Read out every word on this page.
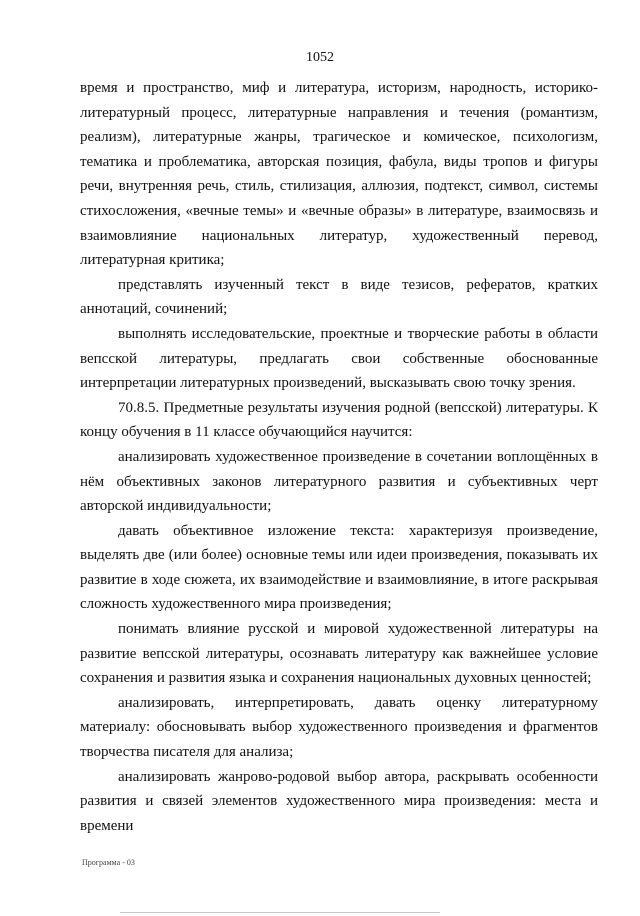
1052

время и пространство, миф и литература, историзм, народность, историко-литературный процесс, литературные направления и течения (романтизм, реализм), литературные жанры, трагическое и комическое, психологизм, тематика и проблематика, авторская позиция, фабула, виды тропов и фигуры речи, внутренняя речь, стиль, стилизация, аллюзия, подтекст, символ, системы стихосложения, «вечные темы» и «вечные образы» в литературе, взаимосвязь и взаимовлияние национальных литератур, художественный перевод, литературная критика;

представлять изученный текст в виде тезисов, рефератов, кратких аннотаций, сочинений;

выполнять исследовательские, проектные и творческие работы в области вепсской литературы, предлагать свои собственные обоснованные интерпретации литературных произведений, высказывать свою точку зрения.

70.8.5. Предметные результаты изучения родной (вепсской) литературы. К концу обучения в 11 классе обучающийся научится:

анализировать художественное произведение в сочетании воплощённых в нём объективных законов литературного развития и субъективных черт авторской индивидуальности;

давать объективное изложение текста: характеризуя произведение, выделять две (или более) основные темы или идеи произведения, показывать их развитие в ходе сюжета, их взаимодействие и взаимовлияние, в итоге раскрывая сложность художественного мира произведения;

понимать влияние русской и мировой художественной литературы на развитие вепсской литературы, осознавать литературу как важнейшее условие сохранения и развития языка и сохранения национальных духовных ценностей;

анализировать, интерпретировать, давать оценку литературному материалу: обосновывать выбор художественного произведения и фрагментов творчества писателя для анализа;

анализировать жанрово-родовой выбор автора, раскрывать особенности развития и связей элементов художественного мира произведения: места и времени

Программа - 03
